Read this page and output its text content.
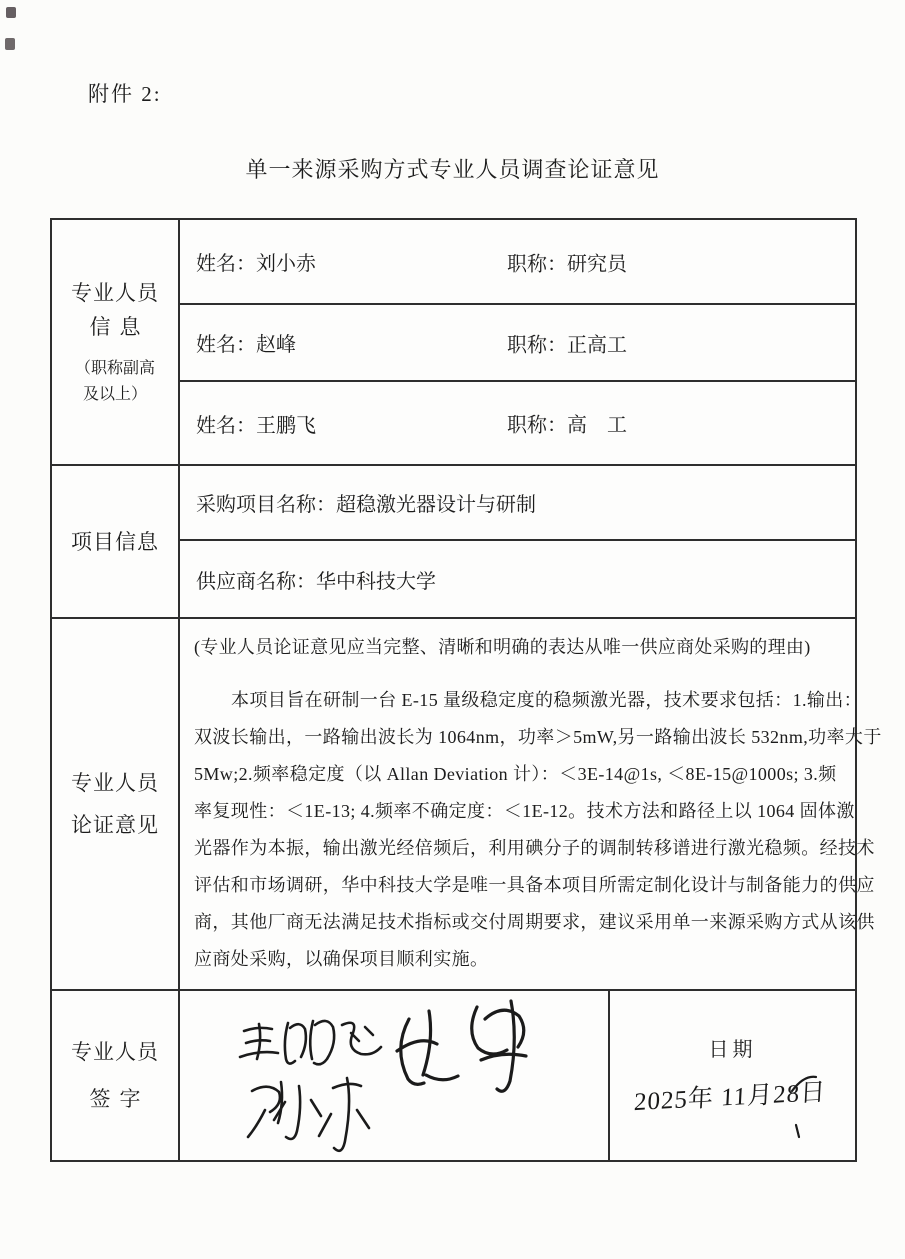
附件 2:
单一来源采购方式专业人员调查论证意见
专业人员
信息
（职称副高
及以上）
姓名： 刘小赤	职称：研究员
姓名： 赵峰	职称：正高工
姓名： 王鹏飞	职称：高　工
项目信息
采购项目名称： 超稳激光器设计与研制
供应商名称： 华中科技大学
专业人员
论证意见
(专业人员论证意见应当完整、清晰和明确的表达从唯一供应商处采购的理由)
本项目旨在研制一台 E-15 量级稳定度的稳频激光器，技术要求包括：1.输出：
双波长输出，一路输出波长为 1064nm，功率＞5mW,另一路输出波长 532nm,功率大于
5Mw;2.频率稳定度（以 Allan Deviation 计）：＜3E-14@1s, ＜8E-15@1000s; 3.频
率复现性：＜1E-13; 4.频率不确定度：＜1E-12。技术方法和路径上以 1064 固体激
光器作为本振，输出激光经倍频后，利用碘分子的调制转移谱进行激光稳频。经技术
评估和市场调研，华中科技大学是唯一具备本项目所需定制化设计与制备能力的供应
商，其他厂商无法满足技术指标或交付周期要求，建议采用单一来源采购方式从该供
应商处采购，以确保项目顺利实施。
专业人员
签字
日期
2025年 11月28日
